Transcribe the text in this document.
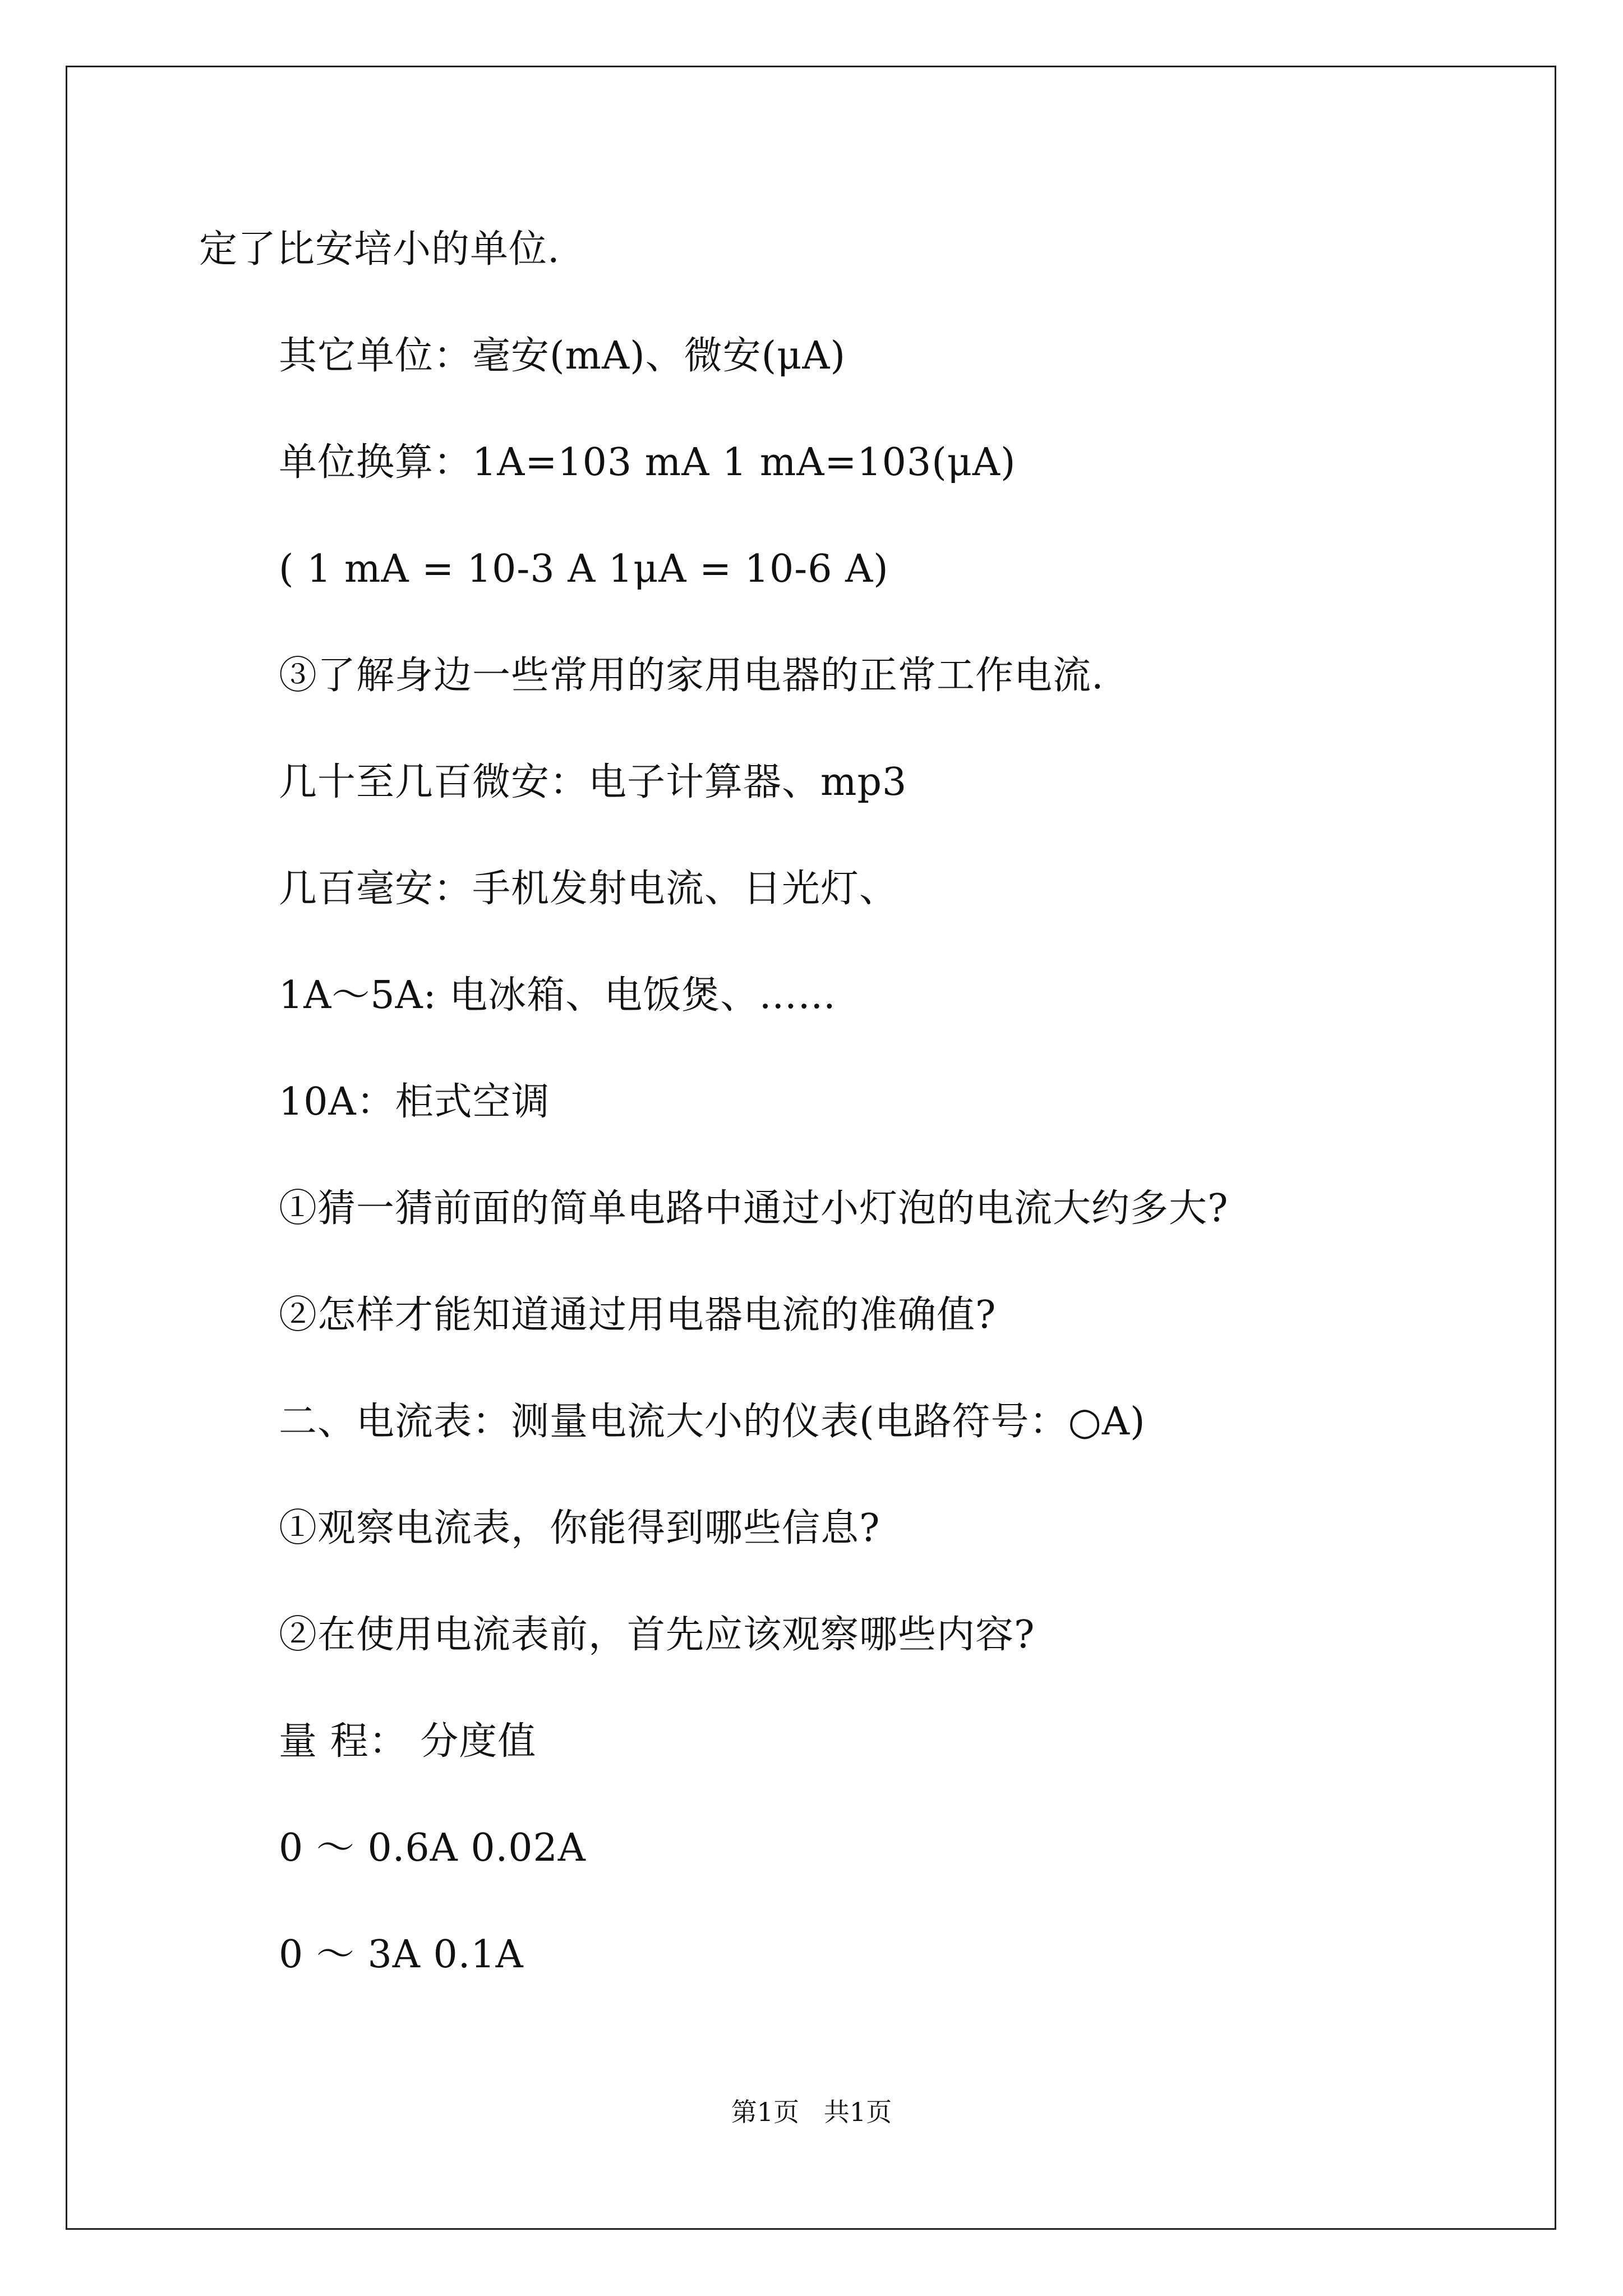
定了比安培小的单位.
其它单位：毫安(mA)、微安(μA)
单位换算：1A=103 mA 1 mA=103(μA)
( 1 mA = 10-3 A 1μA = 10-6 A)
③了解身边一些常用的家用电器的正常工作电流.
几十至几百微安：电子计算器、mp3
几百毫安：手机发射电流、日光灯、
1A～5A: 电冰箱、电饭煲、……
10A：柜式空调
①猜一猜前面的简单电路中通过小灯泡的电流大约多大?
②怎样才能知道通过用电器电流的准确值?
二、电流表：测量电流大小的仪表(电路符号：○A)
①观察电流表，你能得到哪些信息?
②在使用电流表前，首先应该观察哪些内容?
量 程： 分度值
0 ～ 0.6A 0.02A
0 ～ 3A 0.1A
第1页   共1页
